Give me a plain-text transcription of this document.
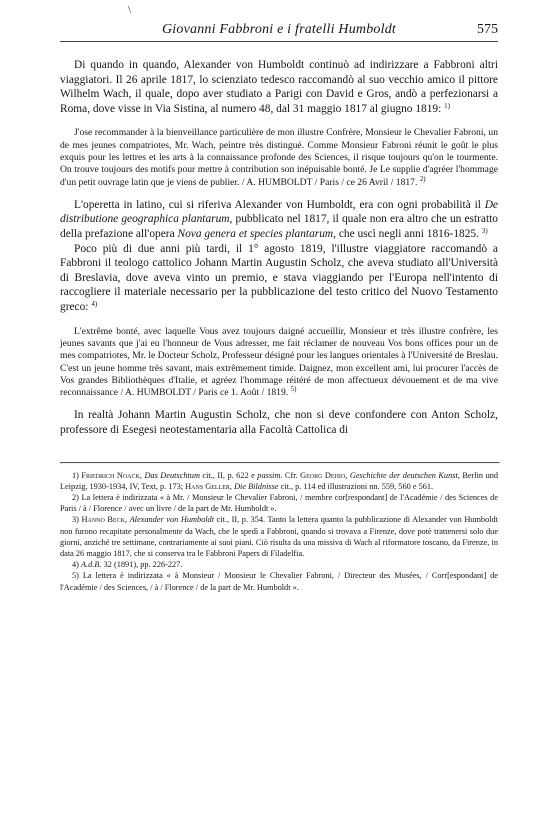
\
Giovanni Fabbroni e i fratelli Humboldt	575

Di quando in quando, Alexander von Humboldt continuò ad indirizzare a Fabbroni altri viaggiatori. Il 26 aprile 1817, lo scienziato tedesco raccomandò al suo vecchio amico il pittore Wilhelm Wach, il quale, dopo aver studiato a Parigi con David e Gros, andò a perfezionarsi a Roma, dove visse in Via Sistina, al numero 48, dal 31 maggio 1817 al giugno 1819: $^{1)}$

J'ose recommander à la bienveillance particulière de mon illustre Confrère, Monsieur le Chevalier Fabroni, un de mes jeunes compatriotes, Mr. Wach, peintre très distingué. Comme Monsieur Fabroni réunit le goût le plus exquis pour les lettres et les arts à la connaissance profonde des Sciences, il risque toujours qu'on le tourmente. On trouve toujours des motifs pour mettre à contribution son inépuisable bonté. Je Le supplie d'agréer l'hommage d'un petit ouvrage latin que je viens de publier. / A. HUMBOLDT / Paris / ce 26 Avril / 1817. $^{2)}$

L'operetta in latino, cui si riferiva Alexander von Humboldt, era con ogni probabilità il De distributione geographica plantarum, pubblicato nel 1817, il quale non era altro che un estratto della prefazione all'opera Nova genera et species plantarum, che uscì negli anni 1816-1825. $^{3)}$

Poco più di due anni più tardi, il 1° agosto 1819, l'illustre viaggiatore raccomandò a Fabbroni il teologo cattolico Johann Martin Augustin Scholz, che aveva studiato all'Università di Breslavia, dove aveva vinto un premio, e stava viaggiando per l'Europa nell'intento di raccogliere il materiale necessario per la pubblicazione del testo critico del Nuovo Testamento greco: $^{4)}$

L'extrême bonté, avec laquelle Vous avez toujours daigné accueillir, Monsieur et très illustre confrère, les jeunes savants que j'ai eu l'honneur de Vous adresser, me fait réclamer de nouveau Vos bons offices pour un de mes compatriotes, Mr. le Docteur Scholz, Professeur désigné pour les langues orientales à l'Université de Breslau. C'est un jeune homme très savant, mais extrêmement timide. Daignez, mon excellent ami, lui procurer l'accès de Vos grandes Bibliothèques d'Italie, et agréez l'hommage réitéré de mon affectueux dévouement et de ma vive reconnaissance / A. HUMBOLDT / Paris ce 1. Août / 1819. $^{5)}$

In realtà Johann Martin Augustin Scholz, che non si deve confondere con Anton Scholz, professore di Esegesi neotestamentaria alla Facoltà Cattolica di

1) Friedrich Noack, Das Deutschtum cit., II, p. 622 e passim. Cfr. Georg Dehio, Geschichte der deutschen Kunst, Berlin und Leipzig, 1930-1934, IV, Text, p. 173; Hans Geller, Die Bildnisse cit., p. 114 ed illustrazioni nn. 559, 560 e 561.

2) La lettera è indirizzata « à Mr. / Monsieur le Chevalier Fabroni, / membre cor[respondant] de l'Académie / des Sciences de Paris / à / Florence / avec un livre / de la part de Mr. Humboldt ».

3) Hanno Beck, Alexander von Humboldt cit., II, p. 354. Tanto la lettera quanto la pubblicazione di Alexander von Humboldt non furono recapitate personalmente da Wach, che le spedì a Fabbroni, quando si trovava a Firenze, dove potè trattenersi solo due giorni, anziché tre settimane, contrariamente ai suoi piani. Ciò risulta da una missiva di Wach al riformatore toscano, da Firenze, in data 26 maggio 1817, che si conserva tra le Fabbroni Papers di Filadelfia.

4) A.d.B. 32 (1891), pp. 226-227.

5) La lettera è indirizzata « à Monsieur / Monsieur le Chevalier Fabroni, / Directeur des Musées, / Corr[espondant] de l'Académie / des Sciences, / à / Florence / de la part de Mr. Humboldt ».
